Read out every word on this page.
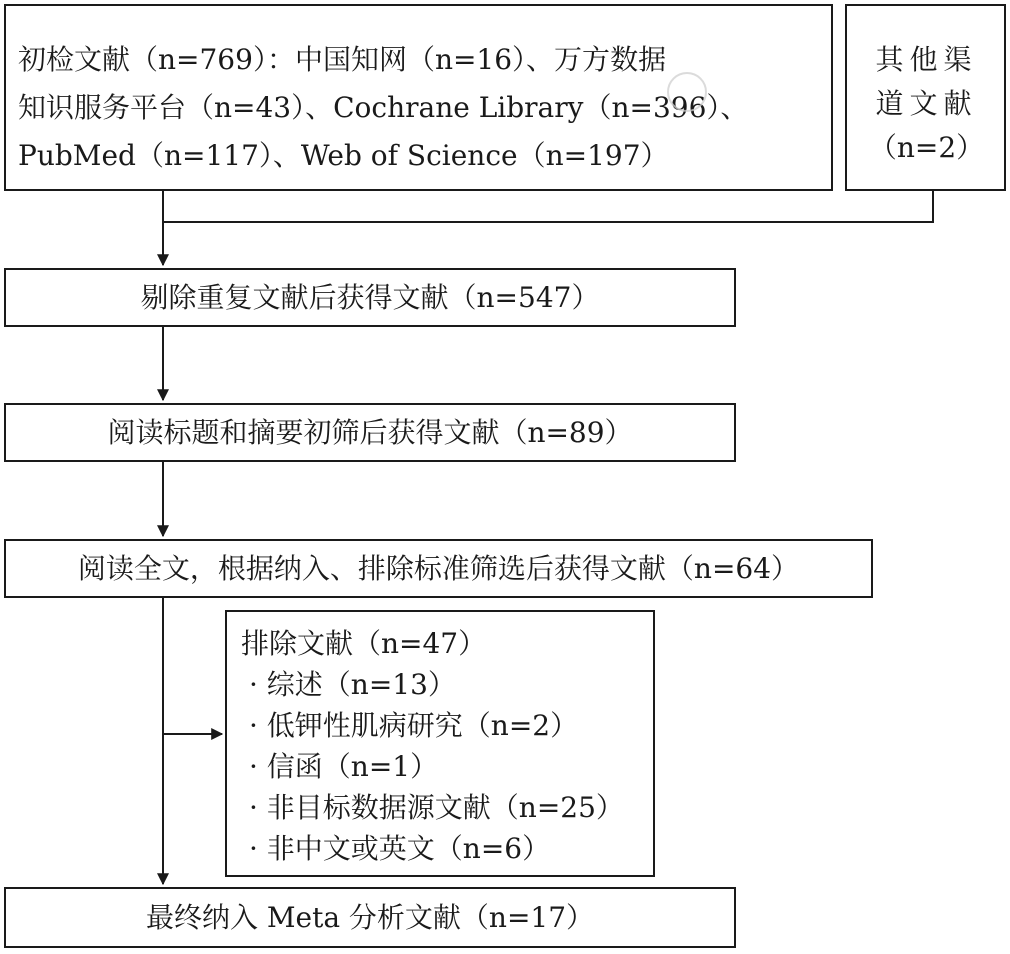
初检文献（n=769）：中国知网（n=16）、万方数据
知识服务平台（n=43）、Cochrane Library（n=396）、
PubMed（n=117）、Web of Science（n=197）
其他渠
道文献
（n=2）
剔除重复文献后获得文献（n=547）
阅读标题和摘要初筛后获得文献（n=89）
阅读全文，根据纳入、排除标准筛选后获得文献（n=64）
排除文献（n=47）
· 综述（n=13）
· 低钾性肌病研究（n=2）
· 信函（n=1）
· 非目标数据源文献（n=25）
· 非中文或英文（n=6）
最终纳入 Meta 分析文献（n=17）
